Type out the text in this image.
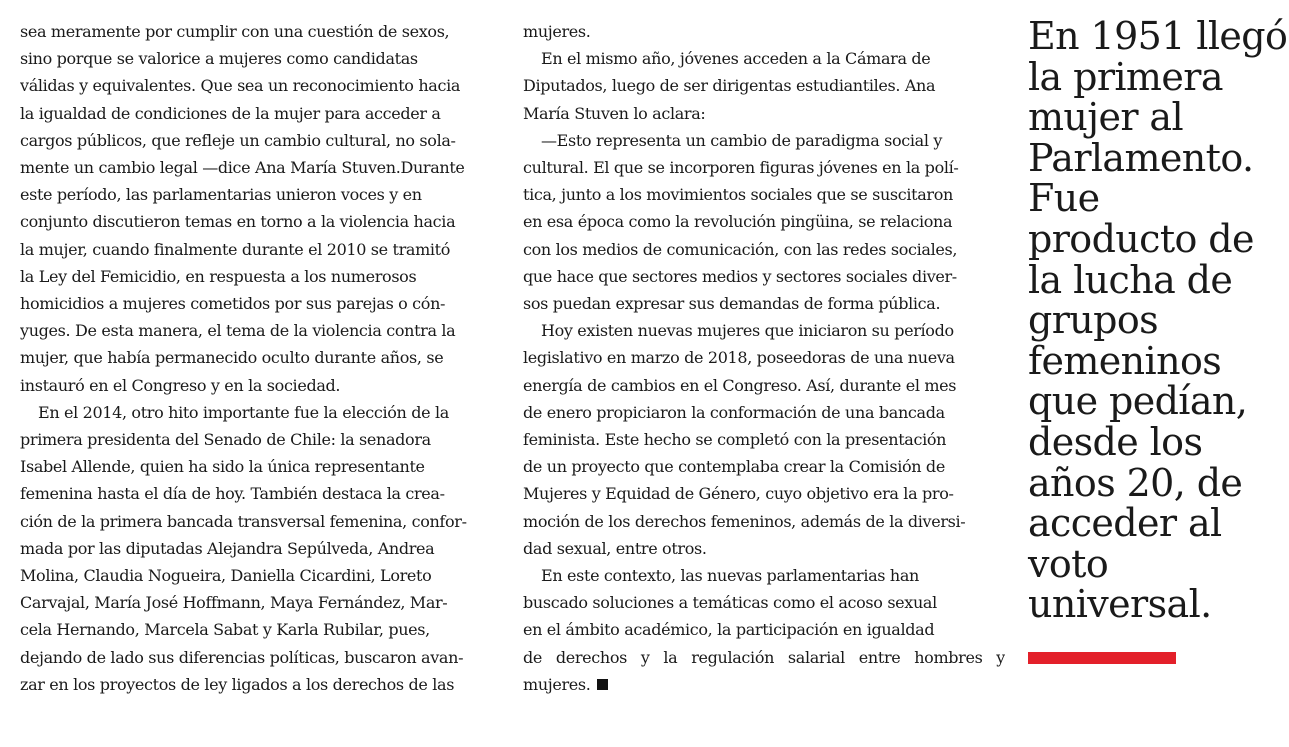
sea meramente por cumplir con una cuestión de sexos,
sino porque se valorice a mujeres como candidatas
válidas y equivalentes. Que sea un reconocimiento hacia
la igualdad de condiciones de la mujer para acceder a
cargos públicos, que refleje un cambio cultural, no sola-
mente un cambio legal —dice Ana María Stuven.Durante
este período, las parlamentarias unieron voces y en
conjunto discutieron temas en torno a la violencia hacia
la mujer, cuando finalmente durante el 2010 se tramitó
la Ley del Femicidio, en respuesta a los numerosos
homicidios a mujeres cometidos por sus parejas o cón-
yuges. De esta manera, el tema de la violencia contra la
mujer, que había permanecido oculto durante años, se
instauró en el Congreso y en la sociedad.
En el 2014, otro hito importante fue la elección de la
primera presidenta del Senado de Chile: la senadora
Isabel Allende, quien ha sido la única representante
femenina hasta el día de hoy. También destaca la crea-
ción de la primera bancada transversal femenina, confor-
mada por las diputadas Alejandra Sepúlveda, Andrea
Molina, Claudia Nogueira, Daniella Cicardini, Loreto
Carvajal, María José Hoffmann, Maya Fernández, Mar-
cela Hernando, Marcela Sabat y Karla Rubilar, pues,
dejando de lado sus diferencias políticas, buscaron avan-
zar en los proyectos de ley ligados a los derechos de las
mujeres.
En el mismo año, jóvenes acceden a la Cámara de
Diputados, luego de ser dirigentas estudiantiles. Ana
María Stuven lo aclara:
—Esto representa un cambio de paradigma social y
cultural. El que se incorporen figuras jóvenes en la polí-
tica, junto a los movimientos sociales que se suscitaron
en esa época como la revolución pingüina, se relaciona
con los medios de comunicación, con las redes sociales,
que hace que sectores medios y sectores sociales diver-
sos puedan expresar sus demandas de forma pública.
Hoy existen nuevas mujeres que iniciaron su período
legislativo en marzo de 2018, poseedoras de una nueva
energía de cambios en el Congreso. Así, durante el mes
de enero propiciaron la conformación de una bancada
feminista. Este hecho se completó con la presentación
de un proyecto que contemplaba crear la Comisión de
Mujeres y Equidad de Género, cuyo objetivo era la pro-
moción de los derechos femeninos, además de la diversi-
dad sexual, entre otros.
En este contexto, las nuevas parlamentarias han
buscado soluciones a temáticas como el acoso sexual
en el ámbito académico, la participación en igualdad
de derechos y la regulación salarial entre hombres y
mujeres.
En 1951 llegó
la primera
mujer al
Parlamento.
Fue
producto de
la lucha de
grupos
femeninos
que pedían,
desde los
años 20, de
acceder al
voto
universal.
